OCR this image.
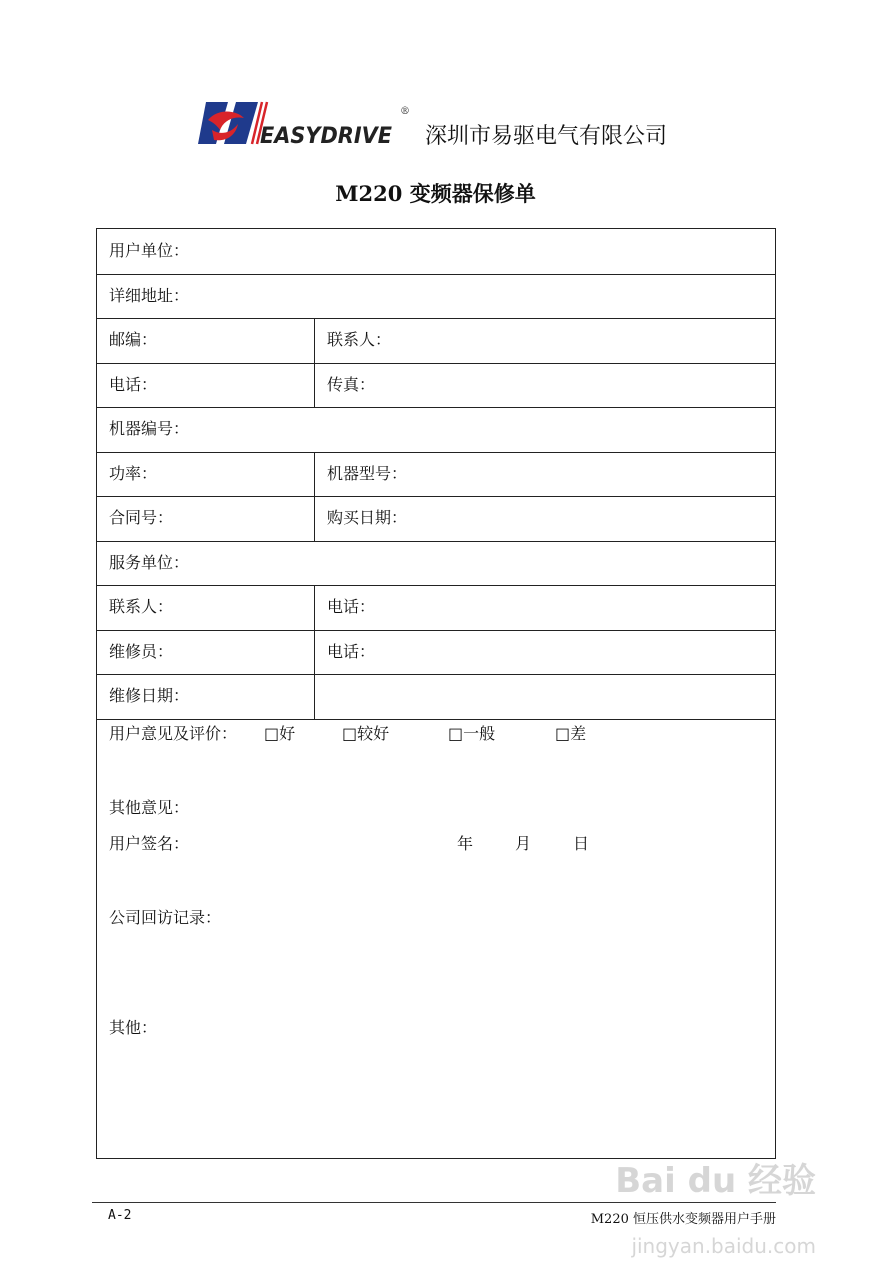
EASYDRIVE
®
深圳市易驱电气有限公司
M220 变频器保修单
用户单位：
详细地址：
邮编：	联系人：
电话：	传真：
机器编号：
功率：	机器型号：
合同号：	购买日期：
服务单位：
联系人：	电话：
维修员：	电话：
维修日期：
用户意见及评价： □好	□较好	□一般	□差
其他意见：
用户签名：	年	月	日
公司回访记录：
其他：
A-2	M220 恒压供水变频器用户手册
Bai du 经验
jingyan.baidu.com
